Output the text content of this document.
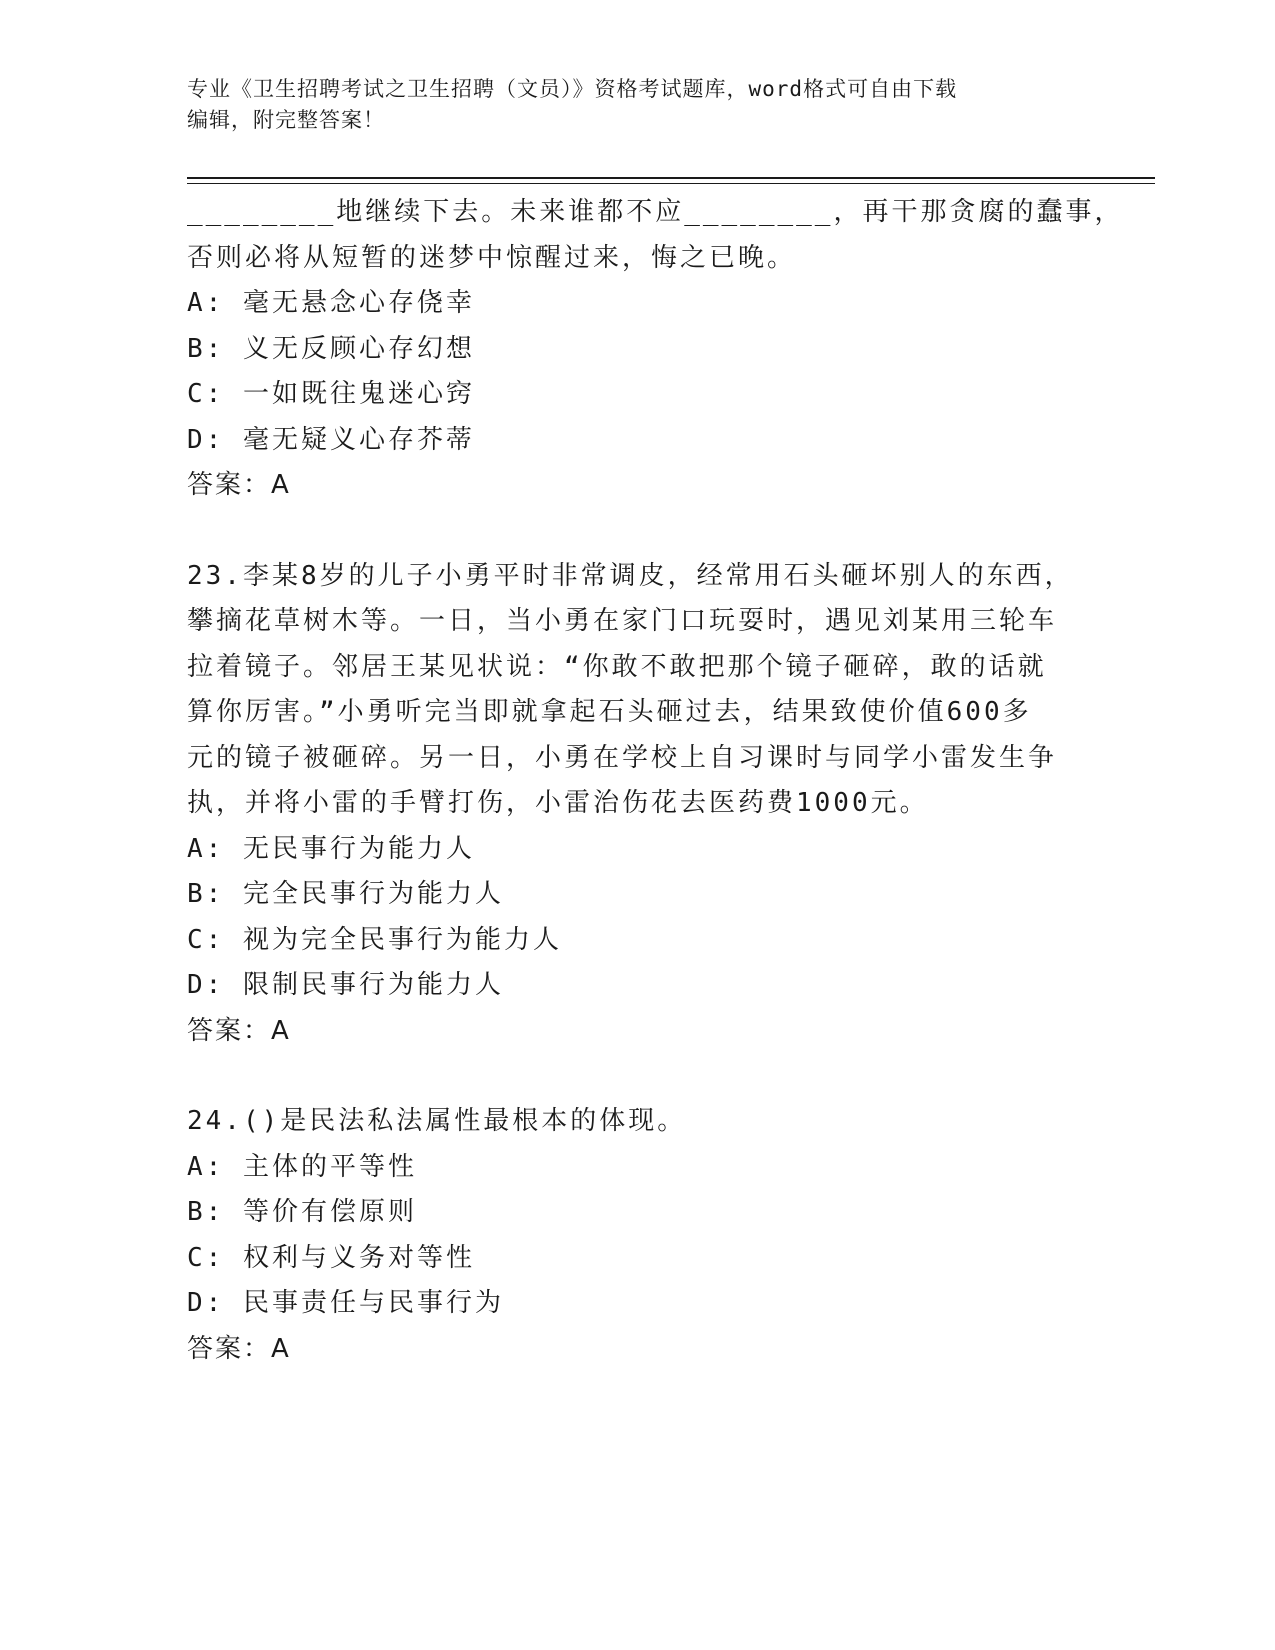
专业《卫生招聘考试之卫生招聘（文员）》资格考试题库，word格式可自由下载
编辑，附完整答案！
________地继续下去。未来谁都不应________，再干那贪腐的蠢事，
否则必将从短暂的迷梦中惊醒过来，悔之已晚。
A: 毫无悬念心存侥幸
B: 义无反顾心存幻想
C: 一如既往鬼迷心窍
D: 毫无疑义心存芥蒂
答案：A
23.李某8岁的儿子小勇平时非常调皮，经常用石头砸坏别人的东西，
攀摘花草树木等。一日，当小勇在家门口玩耍时，遇见刘某用三轮车
拉着镜子。邻居王某见状说：“你敢不敢把那个镜子砸碎，敢的话就
算你厉害。”小勇听完当即就拿起石头砸过去，结果致使价值600多
元的镜子被砸碎。另一日，小勇在学校上自习课时与同学小雷发生争
执，并将小雷的手臂打伤，小雷治伤花去医药费1000元。
A: 无民事行为能力人
B: 完全民事行为能力人
C: 视为完全民事行为能力人
D: 限制民事行为能力人
答案：A
24.()是民法私法属性最根本的体现。
A: 主体的平等性
B: 等价有偿原则
C: 权利与义务对等性
D: 民事责任与民事行为
答案：A
